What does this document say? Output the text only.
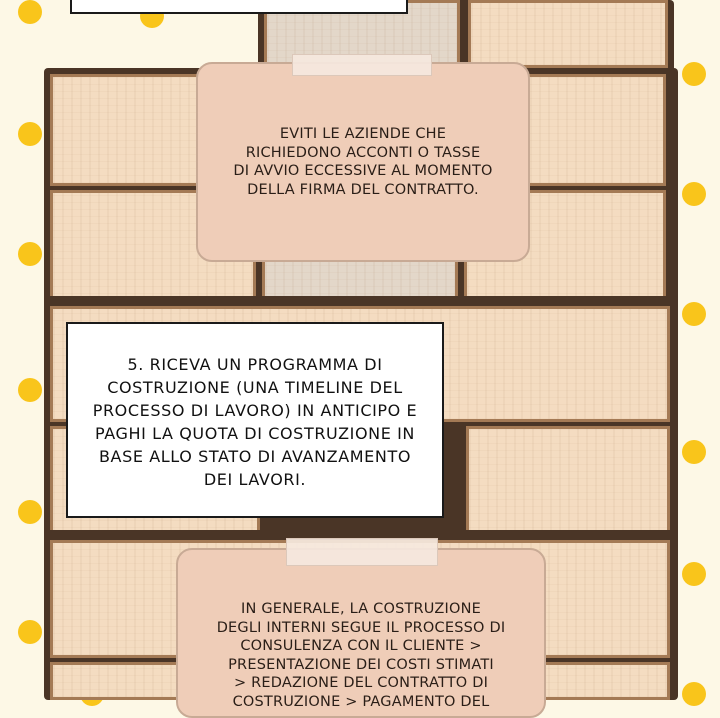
EVITI LE AZIENDE CHE
RICHIEDONO ACCONTI O TASSE
DI AVVIO ECCESSIVE AL MOMENTO
DELLA FIRMA DEL CONTRATTO.
5. RICEVA UN PROGRAMMA DI
COSTRUZIONE (UNA TIMELINE DEL
PROCESSO DI LAVORO) IN ANTICIPO E
PAGHI LA QUOTA DI COSTRUZIONE IN
BASE ALLO STATO DI AVANZAMENTO
DEI LAVORI.
IN GENERALE, LA COSTRUZIONE
DEGLI INTERNI SEGUE IL PROCESSO DI
CONSULENZA CON IL CLIENTE >
PRESENTAZIONE DEI COSTI STIMATI
> REDAZIONE DEL CONTRATTO DI
COSTRUZIONE > PAGAMENTO DEL
